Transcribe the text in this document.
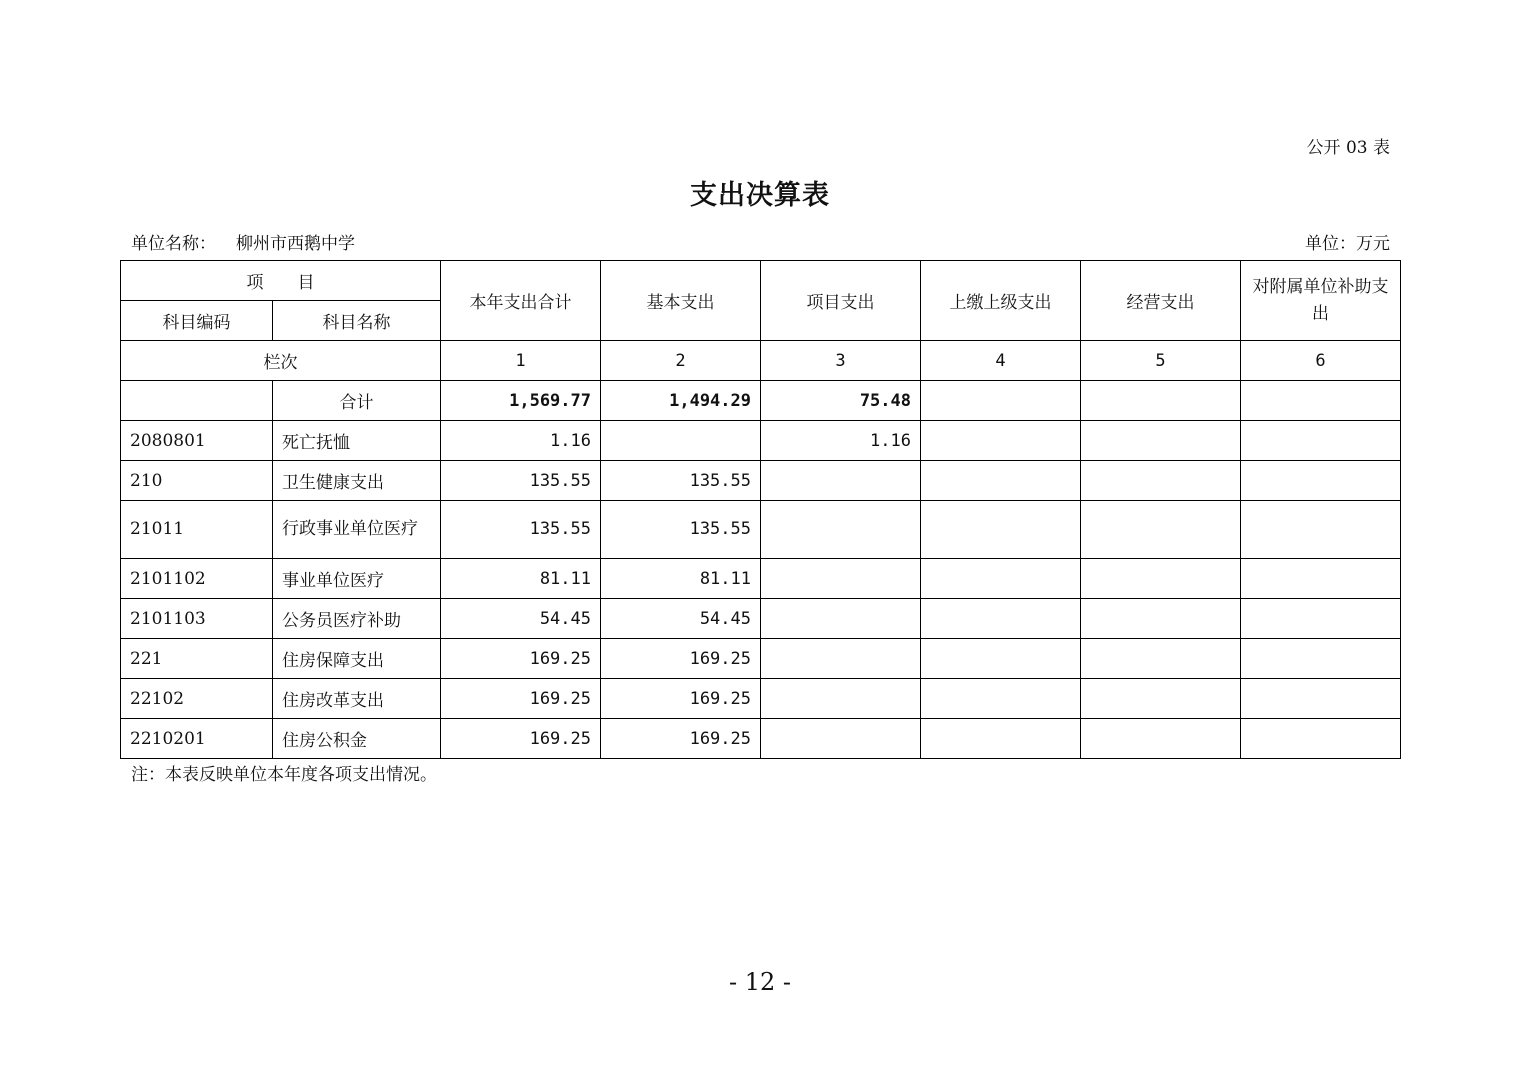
公开 03 表
支出决算表
单位名称： 柳州市西鹅中学	单位：万元
项　　目		本年支出合计	基本支出	项目支出	上缴上级支出	经营支出	对附属单位补助支出
科目编码	科目名称						
栏次		1	2	3	4	5	6
	合计	1,569.77	1,494.29	75.48			
2080801	死亡抚恤	1.16		1.16			
210	卫生健康支出	135.55	135.55				
21011	行政事业单位医疗	135.55	135.55				
2101102	事业单位医疗	81.11	81.11				
2101103	公务员医疗补助	54.45	54.45				
221	住房保障支出	169.25	169.25				
22102	住房改革支出	169.25	169.25				
2210201	住房公积金	169.25	169.25				
注：本表反映单位本年度各项支出情况。
- 12 -
